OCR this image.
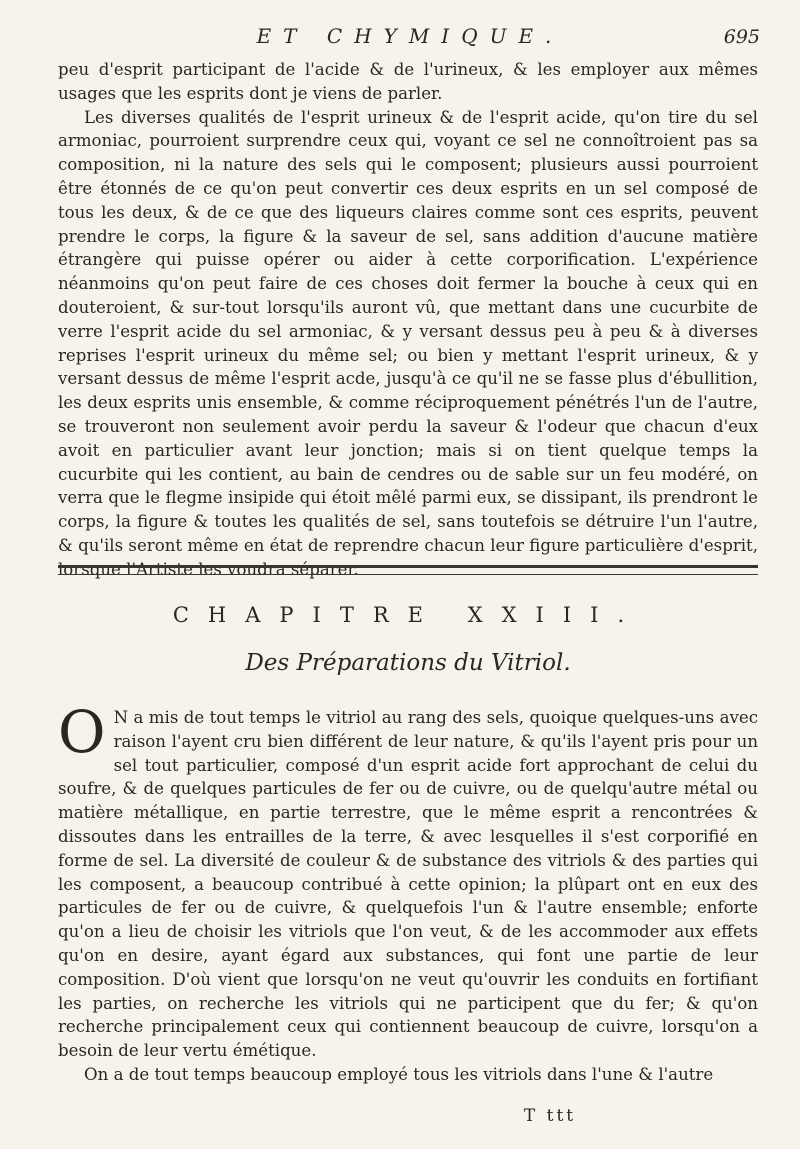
ET CHYMIQUE.	695

peu d'esprit participant de l'acide & de l'urineux, & les employer aux mêmes usages que les esprits dont je viens de parler.

Les diverses qualités de l'esprit urineux & de l'esprit acide, qu'on tire du sel armoniac, pourroient surprendre ceux qui, voyant ce sel ne connoîtroient pas sa composition, ni la nature des sels qui le composent; plusieurs aussi pourroient être étonnés de ce qu'on peut convertir ces deux esprits en un sel composé de tous les deux, & de ce que des liqueurs claires comme sont ces esprits, peuvent prendre le corps, la figure & la saveur de sel, sans addition d'aucune matière étrangère qui puisse opérer ou aider à cette corporification. L'expérience néanmoins qu'on peut faire de ces choses doit fermer la bouche à ceux qui en douteroient, & sur-tout lorsqu'ils auront vû, que mettant dans une cucurbite de verre l'esprit acide du sel armoniac, & y versant dessus peu à peu & à diverses reprises l'esprit urineux du même sel; ou bien y mettant l'esprit urineux, & y versant dessus de même l'esprit acde, jusqu'à ce qu'il ne se fasse plus d'ébullition, les deux esprits unis ensemble, & comme réciproquement pénétrés l'un de l'autre, se trouveront non seulement avoir perdu la saveur & l'odeur que chacun d'eux avoit en particulier avant leur jonction; mais si on tient quelque temps la cucurbite qui les contient, au bain de cendres ou de sable sur un feu modéré, on verra que le flegme insipide qui étoit mêlé parmi eux, se dissipant, ils prendront le corps, la figure & toutes les qualités de sel, sans toutefois se détruire l'un l'autre, & qu'ils seront même en état de reprendre chacun leur figure particulière d'esprit, lorsque l'Artiste les voudra séparer.

CHAPITRE XXIII.
Des Préparations du Vitriol.

O N a mis de tout temps le vitriol au rang des sels, quoique quelques-uns avec raison l'ayent cru bien différent de leur nature, & qu'ils l'ayent pris pour un sel tout particulier, composé d'un esprit acide fort approchant de celui du soufre, & de quelques particules de fer ou de cuivre, ou de quelqu'autre métal ou matière métallique, en partie terrestre, que le même esprit a rencontrées & dissoutes dans les entrailles de la terre, & avec lesquelles il s'est corporifié en forme de sel. La diversité de couleur & de substance des vitriols & des parties qui les composent, a beaucoup contribué à cette opinion; la plûpart ont en eux des particules de fer ou de cuivre, & quelquefois l'un & l'autre ensemble; enforte qu'on a lieu de choisir les vitriols que l'on veut, & de les accommoder aux effets qu'on en desire, ayant égard aux substances, qui font une partie de leur composition. D'où vient que lorsqu'on ne veut qu'ouvrir les conduits en fortifiant les parties, on recherche les vitriols qui ne participent que du fer; & qu'on recherche principalement ceux qui contiennent beaucoup de cuivre, lorsqu'on a besoin de leur vertu émétique.

On a de tout temps beaucoup employé tous les vitriols dans l'une & l'autre

T ttt
